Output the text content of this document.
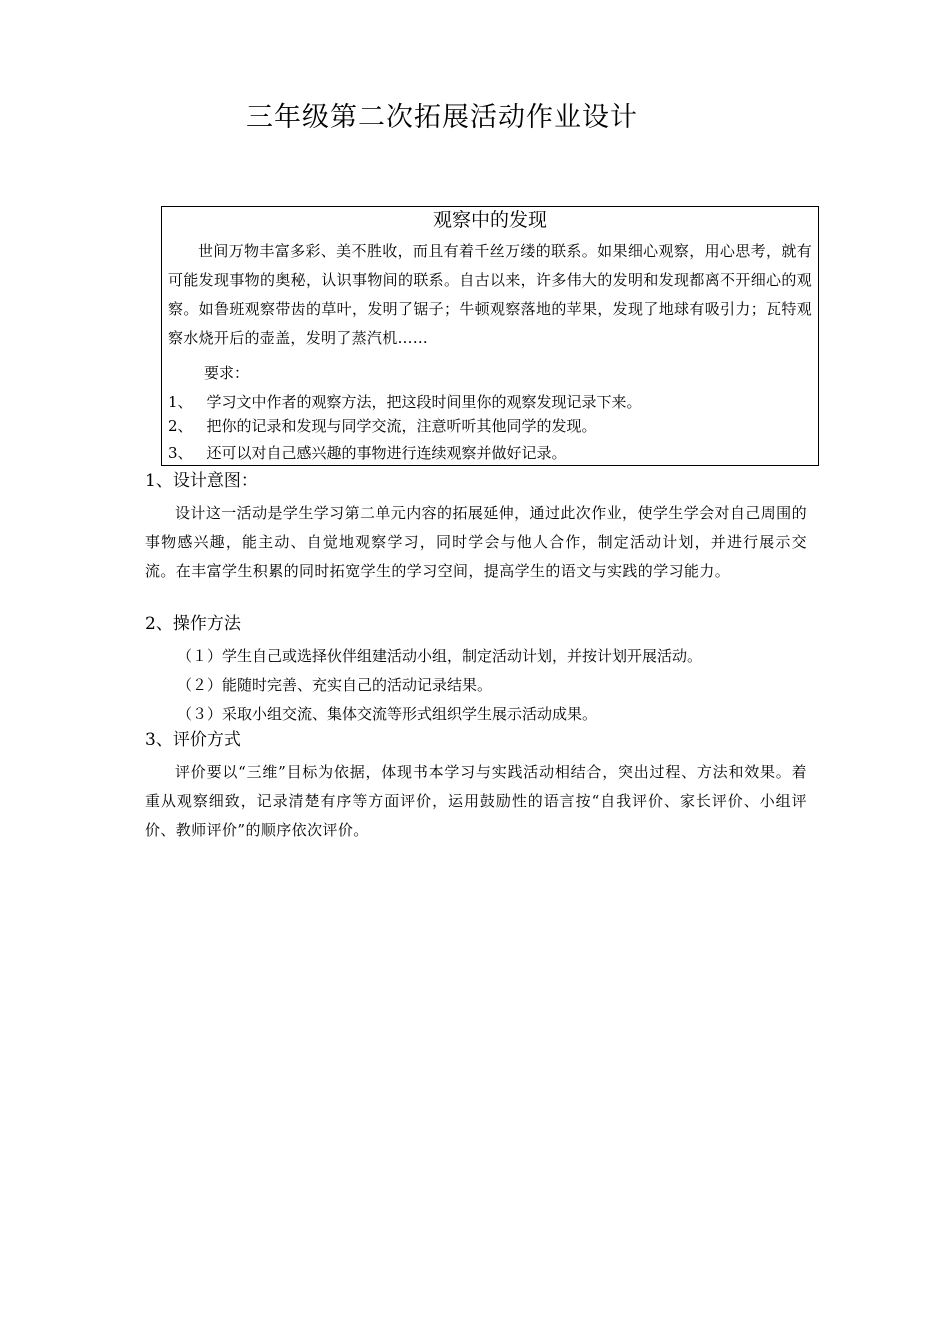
三年级第二次拓展活动作业设计
观察中的发现

世间万物丰富多彩、美不胜收，而且有着千丝万缕的联系。如果细心观察，用心思考，就有可能发现事物的奥秘，认识事物间的联系。自古以来，许多伟大的发明和发现都离不开细心的观察。如鲁班观察带齿的草叶，发明了锯子；牛顿观察落地的苹果，发现了地球有吸引力；瓦特观察水烧开后的壶盖，发明了蒸汽机……

要求：
1、 学习文中作者的观察方法，把这段时间里你的观察发现记录下来。
2、 把你的记录和发现与同学交流，注意听听其他同学的发现。
3、 还可以对自己感兴趣的事物进行连续观察并做好记录。
1、设计意图：

设计这一活动是学生学习第二单元内容的拓展延伸，通过此次作业，使学生学会对自己周围的事物感兴趣，能主动、自觉地观察学习，同时学会与他人合作，制定活动计划，并进行展示交流。在丰富学生积累的同时拓宽学生的学习空间，提高学生的语文与实践的学习能力。

2、操作方法
（１）学生自己或选择伙伴组建活动小组，制定活动计划，并按计划开展活动。
（２）能随时完善、充实自己的活动记录结果。
（３）采取小组交流、集体交流等形式组织学生展示活动成果。
3、评价方式

评价要以“三维”目标为依据，体现书本学习与实践活动相结合，突出过程、方法和效果。着重从观察细致，记录清楚有序等方面评价，运用鼓励性的语言按“自我评价、家长评价、小组评价、教师评价”的顺序依次评价。
